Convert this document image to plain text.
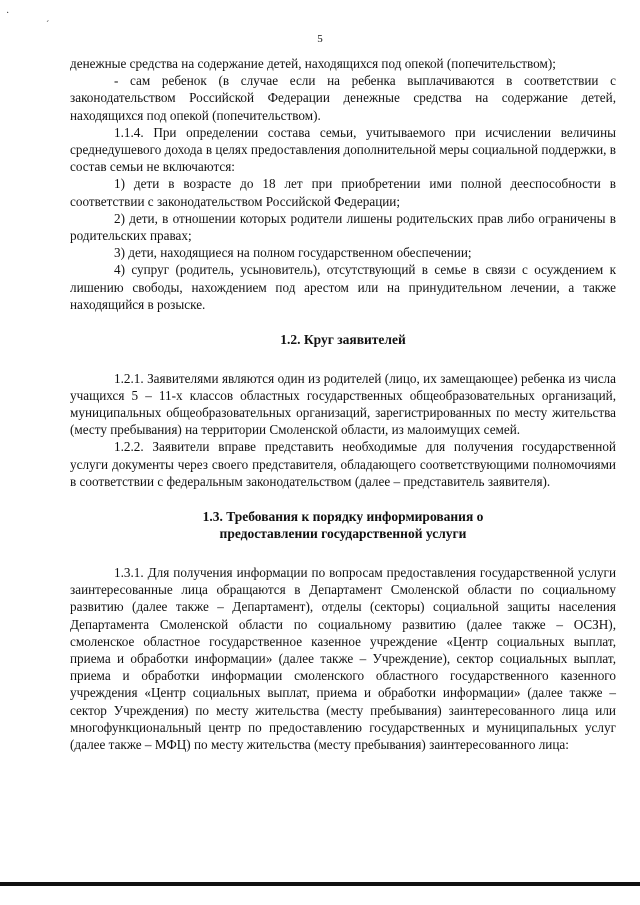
5
·
ˊ

денежные средства на содержание детей, находящихся под опекой (попечительством);

- сам ребенок (в случае если на ребенка выплачиваются в соответствии с законодательством Российской Федерации денежные средства на содержание детей, находящихся под опекой (попечительством).

1.1.4. При определении состава семьи, учитываемого при исчислении величины среднедушевого дохода в целях предоставления дополнительной меры социальной поддержки, в состав семьи не включаются:

1) дети в возрасте до 18 лет при приобретении ими полной дееспособности в соответствии с законодательством Российской Федерации;

2) дети, в отношении которых родители лишены родительских прав либо ограничены в родительских правах;

3) дети, находящиеся на полном государственном обеспечении;

4) супруг (родитель, усыновитель), отсутствующий в семье в связи с осуждением к лишению свободы, нахождением под арестом или на принудительном лечении, а также находящийся в розыске.

1.2. Круг заявителей

1.2.1. Заявителями являются один из родителей (лицо, их замещающее) ребенка из числа учащихся 5 – 11-х классов областных государственных общеобразовательных организаций, муниципальных общеобразовательных организаций, зарегистрированных по месту жительства (месту пребывания) на территории Смоленской области, из малоимущих семей.

1.2.2. Заявители вправе представить необходимые для получения государственной услуги документы через своего представителя, обладающего соответствующими полномочиями в соответствии с федеральным законодательством (далее – представитель заявителя).

1.3. Требования к порядку информирования о
предоставлении государственной услуги

1.3.1. Для получения информации по вопросам предоставления государственной услуги заинтересованные лица обращаются в Департамент Смоленской области по социальному развитию (далее также – Департамент), отделы (секторы) социальной защиты населения Департамента Смоленской области по социальному развитию (далее также – ОСЗН), смоленское областное государственное казенное учреждение «Центр социальных выплат, приема и обработки информации» (далее также – Учреждение), сектор социальных выплат, приема и обработки информации смоленского областного государственного казенного учреждения «Центр социальных выплат, приема и обработки информации» (далее также – сектор Учреждения) по месту жительства (месту пребывания) заинтересованного лица или многофункциональный центр по предоставлению государственных и муниципальных услуг (далее также – МФЦ) по месту жительства (месту пребывания) заинтересованного лица:
